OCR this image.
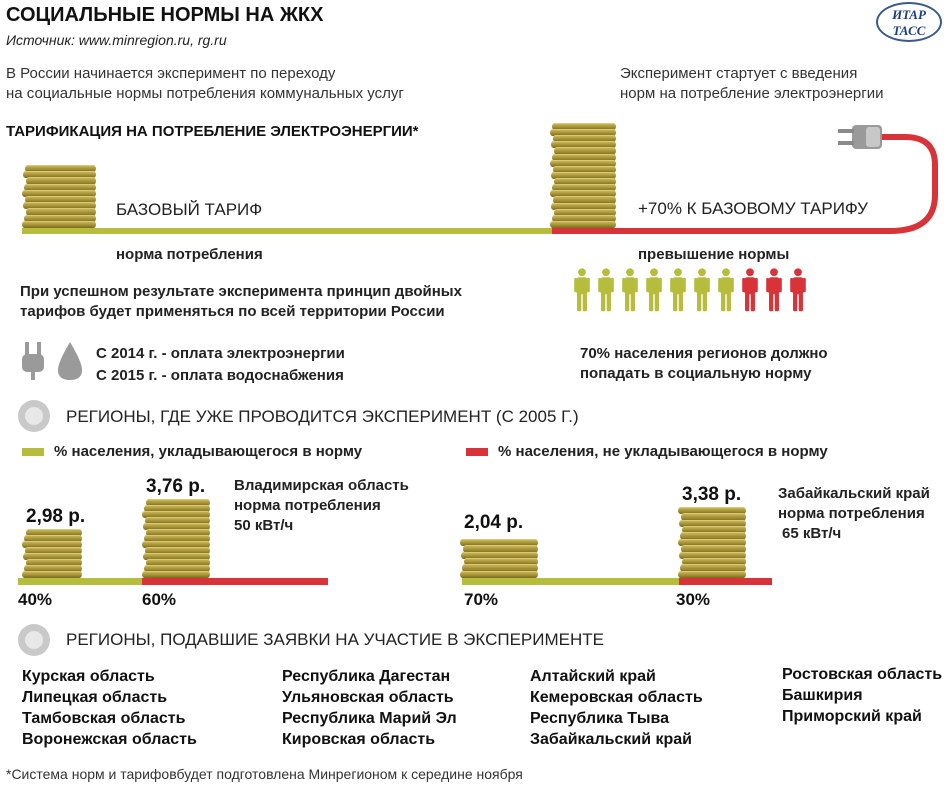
СОЦИАЛЬНЫЕ НОРМЫ НА ЖКХ
Источник: www.minregion.ru, rg.ru
ИТАР
ТАСС
В России начинается эксперимент по переходу
на социальные нормы потребления коммунальных услуг
Эксперимент стартует с введения
норм на потребление электроэнергии
ТАРИФИКАЦИЯ НА ПОТРЕБЛЕНИЕ ЭЛЕКТРОЭНЕРГИИ*
БАЗОВЫЙ ТАРИФ	+70% К БАЗОВОМУ ТАРИФУ
норма потребления	превышение нормы
При успешном результате эксперимента принцип двойных
тарифов будет применяться по всей территории России
С 2014 г. - оплата электроэнергии
С 2015 г. - оплата водоснабжения
70% населения регионов должно
попадать в социальную норму
РЕГИОНЫ, ГДЕ УЖЕ ПРОВОДИТСЯ ЭКСПЕРИМЕНТ (С 2005 Г.)
% населения, укладывающегося в норму	% населения, не укладывающегося в норму
2,98 р.
3,76 р.
40%	60%
Владимирская область
норма потребления
50 кВт/ч	2,04 р.
3,38 р.
70%	30%
Забайкальский край
норма потребления
65 кВт/ч
РЕГИОНЫ, ПОДАВШИЕ ЗАЯВКИ НА УЧАСТИЕ В ЭКСПЕРИМЕНТЕ
Курская область
Липецкая область
Тамбовская область
Воронежская область
Республика Дагестан
Ульяновская область
Республика Марий Эл
Кировская область
Алтайский край
Кемеровская область
Республика Тыва
Забайкальский край
Ростовская область
Башкирия
Приморский край
*Система норм и тарифовбудет подготовлена Минрегионом к середине ноября
